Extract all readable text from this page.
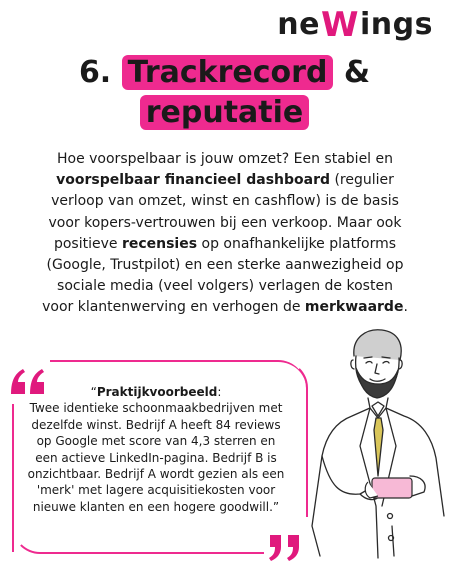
ne W ings
6. Trackrecord &
reputatie
Hoe voorspelbaar is jouw omzet? Een stabiel en voorspelbaar financieel dashboard (regulier verloop van omzet, winst en cashflow) is de basis voor kopers-vertrouwen bij een verkoop. Maar ook positieve recensies op onafhankelijke platforms (Google, Trustpilot) en een sterke aanwezigheid op sociale media (veel volgers) verlagen de kosten voor klantenwerving en verhogen de merkwaarde.
“Praktijkvoorbeeld:
Twee identieke schoonmaakbedrijven met dezelfde winst. Bedrijf A heeft 84 reviews op Google met score van 4,3 sterren en een actieve LinkedIn-pagina. Bedrijf B is onzichtbaar. Bedrijf A wordt gezien als een 'merk' met lagere acquisitiekosten voor nieuwe klanten en een hogere goodwill.”
